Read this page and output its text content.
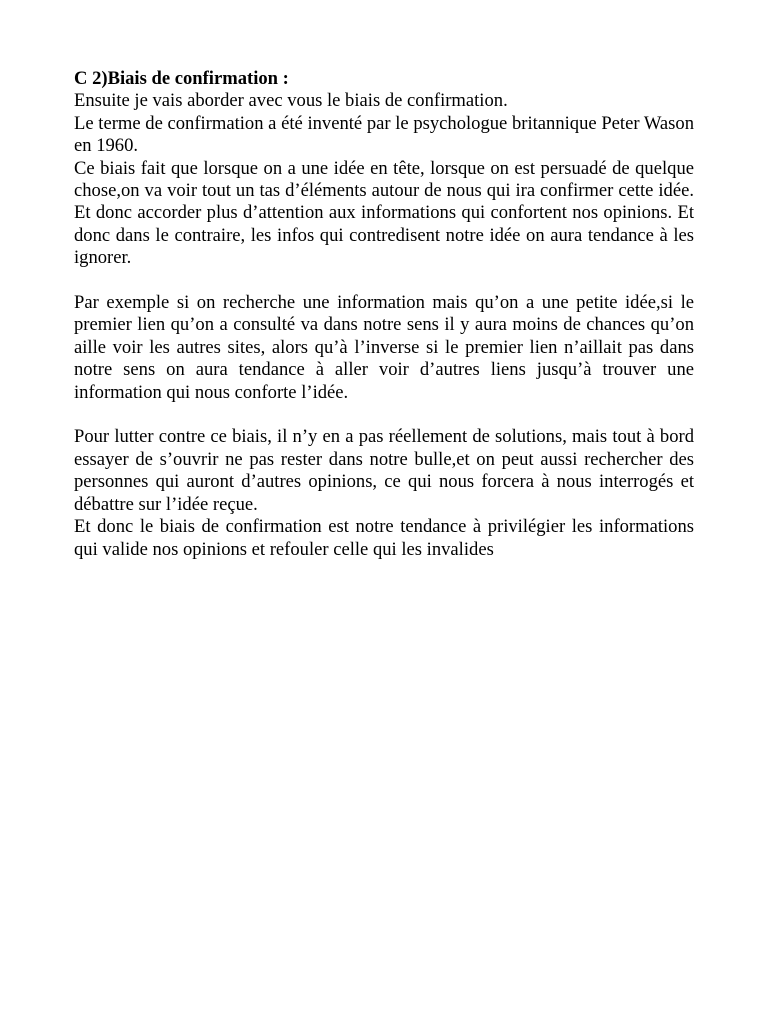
C 2)Biais de confirmation :

Ensuite je vais aborder avec vous le biais de confirmation.

Le terme de confirmation a été inventé par le psychologue britannique Peter Wason en 1960.

Ce biais fait que lorsque on a une idée en tête, lorsque on est persuadé de quelque chose,on va voir tout un tas d’éléments autour de nous qui ira confirmer cette idée. Et donc accorder plus d’attention aux informations qui confortent nos opinions. Et donc dans le contraire, les infos qui contredisent notre idée on aura tendance à les ignorer.

Par exemple si on recherche une information mais qu’on a une petite idée,si le premier lien qu’on a consulté va dans notre sens il y aura moins de chances qu’on aille voir les autres sites, alors qu’à l’inverse si le premier lien n’aillait pas dans notre sens on aura tendance à aller voir d’autres liens jusqu’à trouver une information qui nous conforte l’idée.

Pour lutter contre ce biais, il n’y en a pas réellement de solutions, mais tout à bord essayer de s’ouvrir ne pas rester dans notre bulle,et on peut aussi rechercher des personnes qui auront d’autres opinions, ce qui nous forcera à nous interrogés et débattre sur l’idée reçue.

Et donc le biais de confirmation est notre tendance à privilégier les informations qui valide nos opinions et refouler celle qui les invalides
